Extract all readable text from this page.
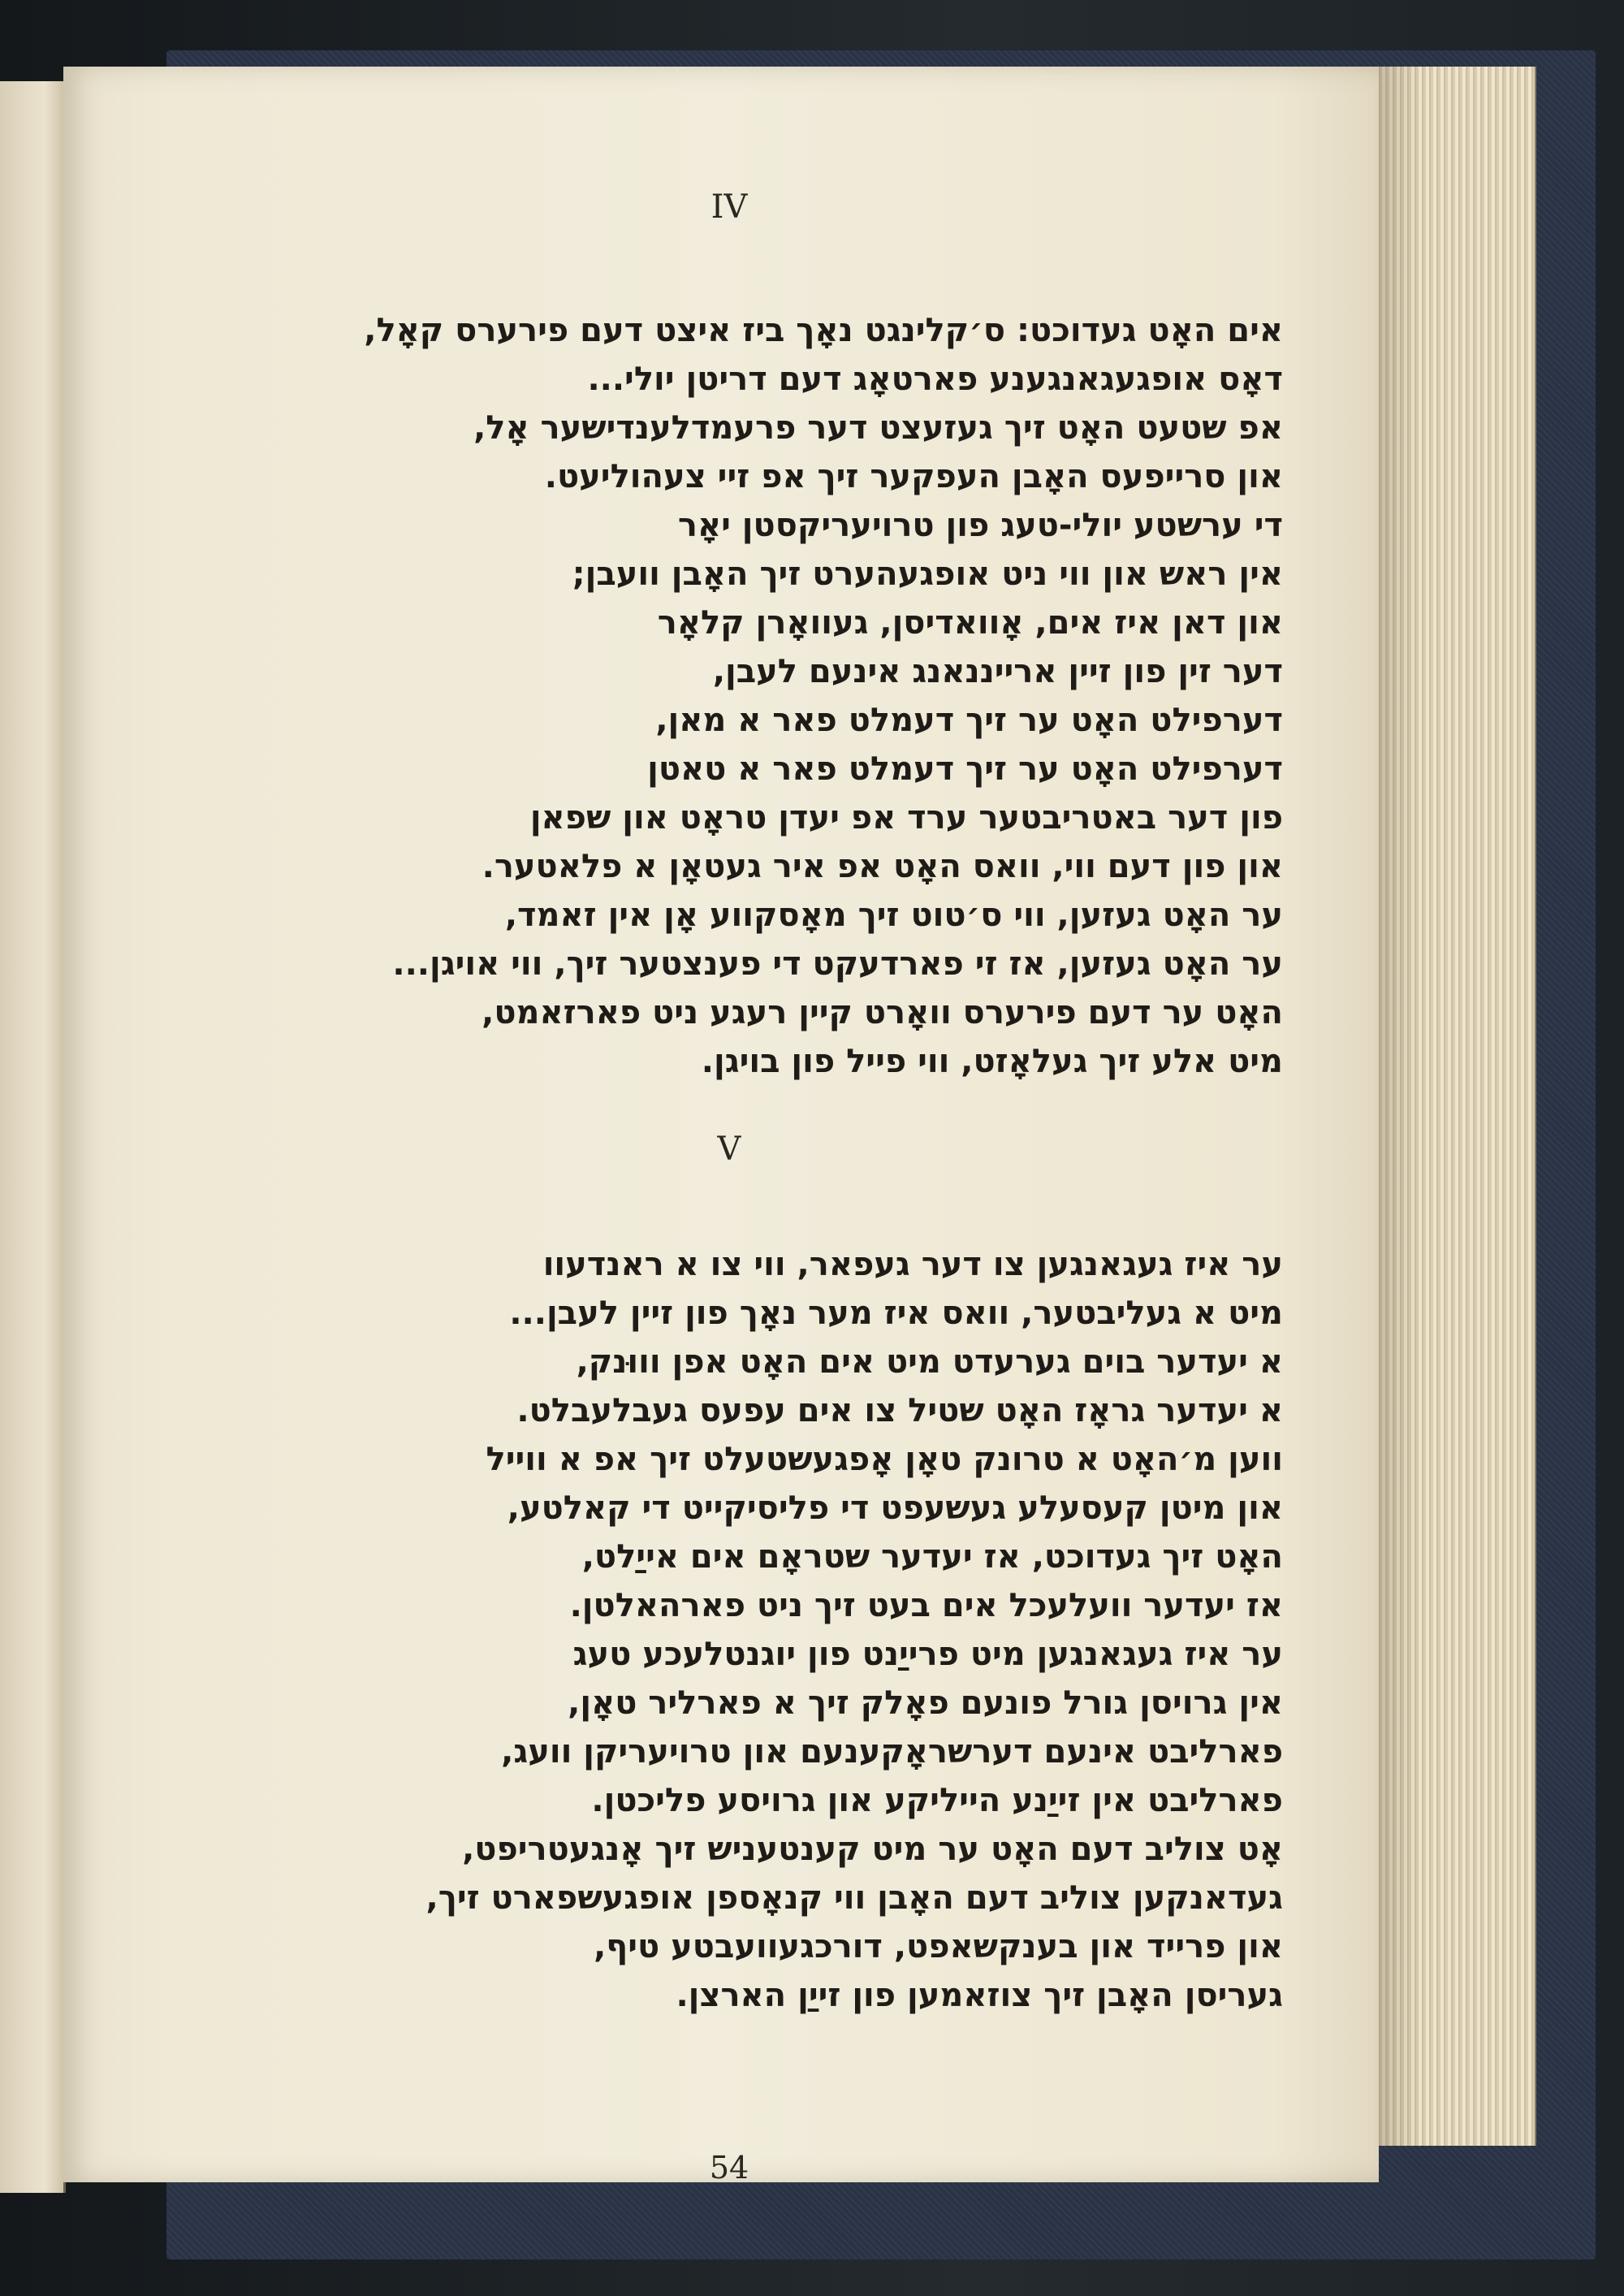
IV
אים האָט געדוכט: ס׳קלינגט נאָך ביז איצט דעם פירערס קאָל,
דאָס אופגעגאנגענע פארטאָג דעם דריטן יולי...
אפ שטעט האָט זיך געזעצט דער פרעמדלענדישער אָל,
און סרייפעס האָבן העפקער זיך אפ זיי צעהוליעט.
די ערשטע יולי-טעג פון טרויעריקסטן יאָר
אין ראש און ווי ניט אופגעהערט זיך האָבן וועבן;
און דאן איז אים, אָוואדיסן, געוואָרן קלאָר
דער זין פון זיין ארייננאנג אינעם לעבן,
דערפילט האָט ער זיך דעמלט פאר א מאן,
דערפילט האָט ער זיך דעמלט פאר א טאטן
פון דער באטריבטער ערד אפ יעדן טראָט און שפאן
און פון דעם ווי, וואס האָט אפ איר געטאָן א פלאטער.
ער האָט געזען, ווי ס׳טוט זיך מאָסקווע אָן אין זאמד,
ער האָט געזען, אז זי פארדעקט די פענצטער זיך, ווי אויגן...
האָט ער דעם פירערס וואָרט קיין רעגע ניט פארזאמט,
מיט אלע זיך געלאָזט, ווי פייל פון בויגן.
V
ער איז געגאנגען צו דער געפאר, ווי צו א ראנדעוו
מיט א געליבטער, וואס איז מער נאָך פון זיין לעבן...
א יעדער בוים גערעדט מיט אים האָט אפן וווּנק,
א יעדער גראָז האָט שטיל צו אים עפעס געבלעבלט.
ווען מ׳האָט א טרונק טאָן אָפגעשטעלט זיך אפ א ווייל
און מיטן קעסעלע געשעפט די פליסיקייט די קאלטע,
האָט זיך געדוכט, אז יעדער שטראָם אים אייַלט,
אז יעדער וועלעכל אים בעט זיך ניט פארהאלטן.
ער איז געגאנגען מיט פרייַנט פון יוגנטלעכע טעג
אין גרויסן גורל פונעם פאָלק זיך א פארליר טאָן,
פארליבט אינעם דערשראָקענעם און טרויעריקן וועג,
פארליבט אין זייַנע הייליקע און גרויסע פליכטן.
אָט צוליב דעם האָט ער מיט קענטעניש זיך אָנגעטריפט,
געדאנקען צוליב דעם האָבן ווי קנאָספן אופגעשפארט זיך,
און פרייד און בענקשאפט, דורכגעוועבטע טיף,
געריסן האָבן זיך צוזאמען פון זייַן הארצן.
54
